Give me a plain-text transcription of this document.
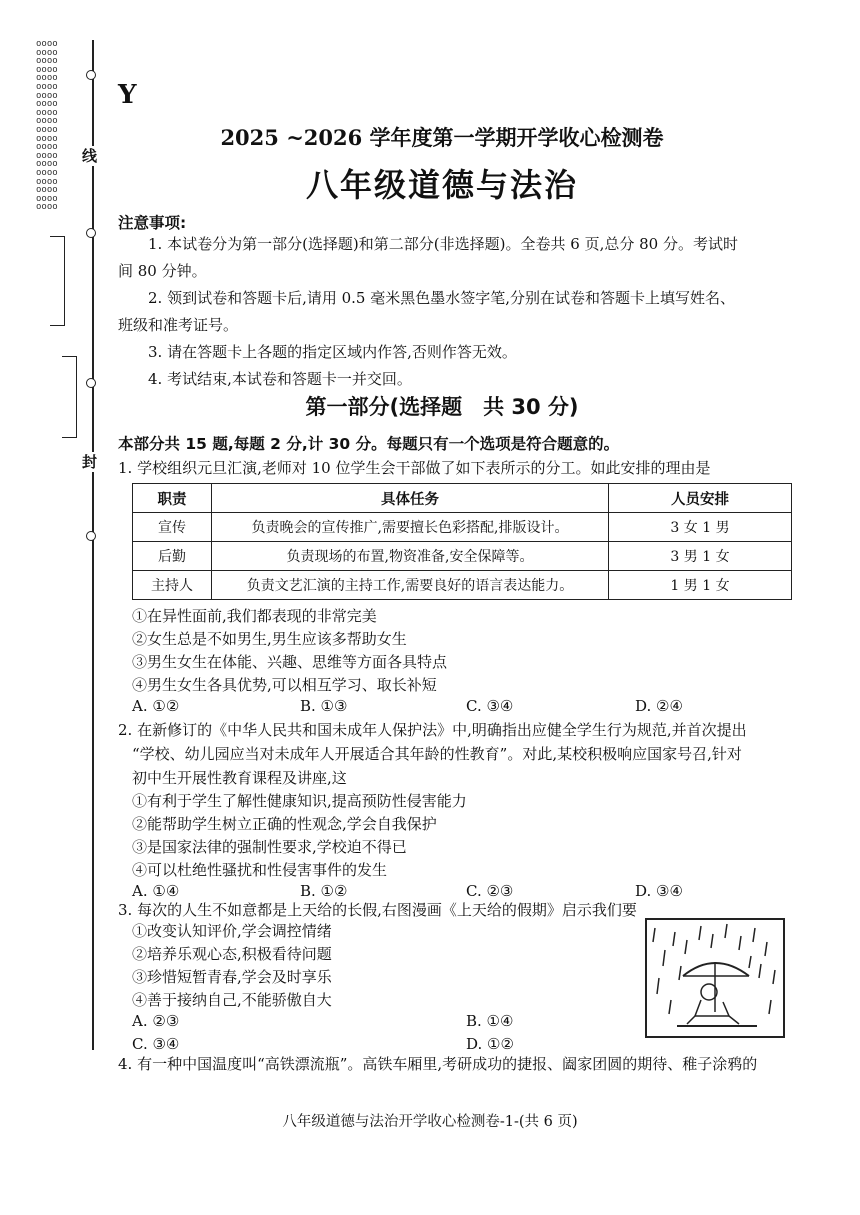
oooo
oooo
oooo
oooo
oooo
oooo
oooo
oooo
oooo
oooo
oooo
oooo
oooo
oooo
oooo
oooo
oooo
oooo
oooo
oooo
线
封
Y
2025 ~2026 学年度第一学期开学收心检测卷
八年级道德与法治
注意事项:
1. 本试卷分为第一部分(选择题)和第二部分(非选择题)。全卷共 6 页,总分 80 分。考试时
间 80 分钟。
2. 领到试卷和答题卡后,请用 0.5 毫米黑色墨水签字笔,分别在试卷和答题卡上填写姓名、
班级和准考证号。
3. 请在答题卡上各题的指定区域内作答,否则作答无效。
4. 考试结束,本试卷和答题卡一并交回。
第一部分(选择题　共 30 分)
本部分共 15 题,每题 2 分,计 30 分。每题只有一个选项是符合题意的。
1. 学校组织元旦汇演,老师对 10 位学生会干部做了如下表所示的分工。如此安排的理由是
职责	具体任务	人员安排
宣传	负责晚会的宣传推广,需要擅长色彩搭配,排版设计。	3 女 1 男
后勤	负责现场的布置,物资准备,安全保障等。	3 男 1 女
主持人	负责文艺汇演的主持工作,需要良好的语言表达能力。	1 男 1 女
①在异性面前,我们都表现的非常完美
②女生总是不如男生,男生应该多帮助女生
③男生女生在体能、兴趣、思维等方面各具特点
④男生女生各具优势,可以相互学习、取长补短
A. ①②	B. ①③	C. ③④	D. ②④
2. 在新修订的《中华人民共和国未成年人保护法》中,明确指出应健全学生行为规范,并首次提出
“学校、幼儿园应当对未成年人开展适合其年龄的性教育”。对此,某校积极响应国家号召,针对
初中生开展性教育课程及讲座,这
①有利于学生了解性健康知识,提高预防性侵害能力
②能帮助学生树立正确的性观念,学会自我保护
③是国家法律的强制性要求,学校迫不得已
④可以杜绝性骚扰和性侵害事件的发生
A. ①④	B. ①②	C. ②③	D. ③④
3. 每次的人生不如意都是上天给的长假,右图漫画《上天给的假期》启示我们要
①改变认知评价,学会调控情绪
②培养乐观心态,积极看待问题
③珍惜短暂青春,学会及时享乐
④善于接纳自己,不能骄傲自大
A. ②③	B. ①④
C. ③④	D. ①②
4. 有一种中国温度叫“高铁漂流瓶”。高铁车厢里,考研成功的捷报、阖家团圆的期待、稚子涂鸦的
八年级道德与法治开学收心检测卷-1-(共 6 页)
